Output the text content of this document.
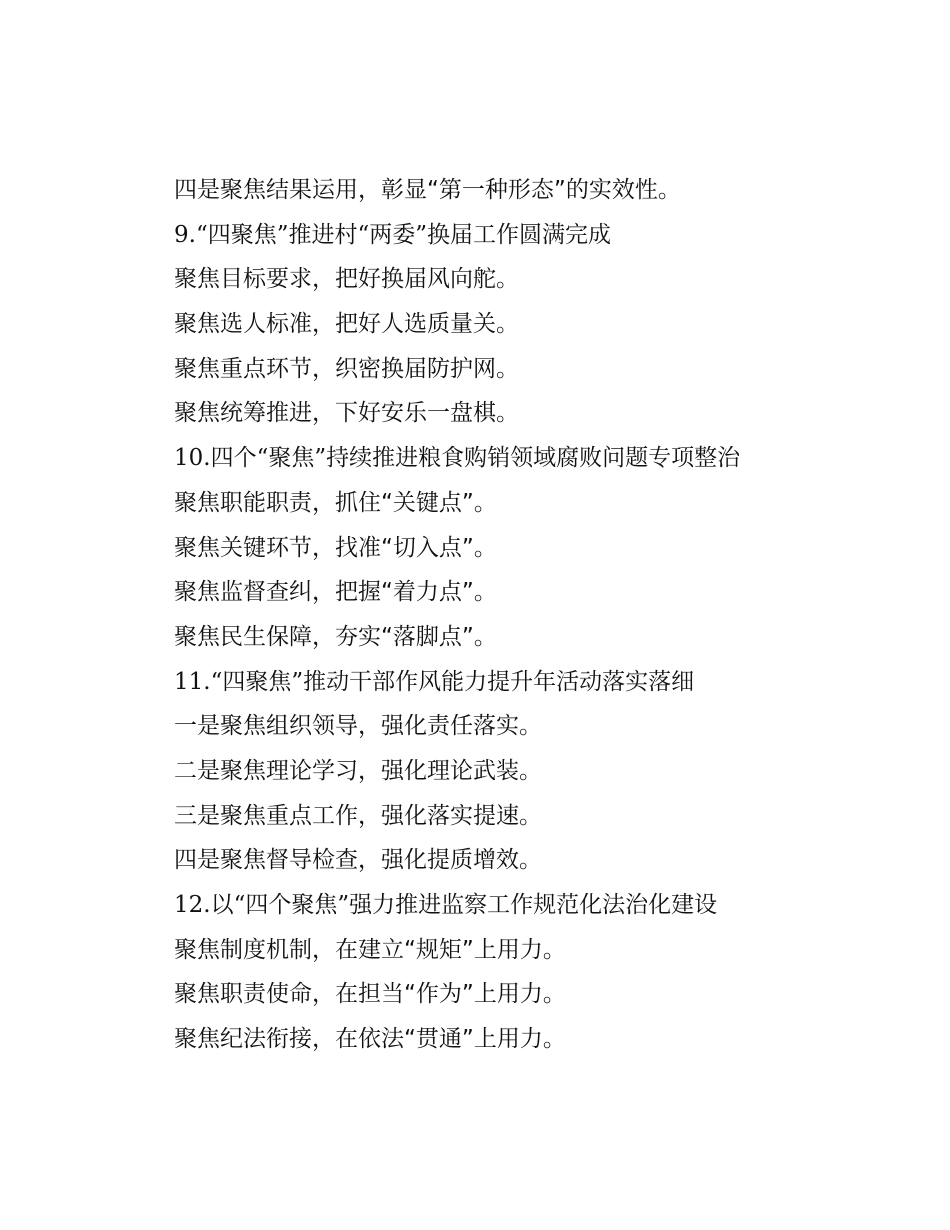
四是聚焦结果运用，彰显“第一种形态”的实效性。
9.“四聚焦”推进村“两委”换届工作圆满完成
聚焦目标要求，把好换届风向舵。
聚焦选人标准，把好人选质量关。
聚焦重点环节，织密换届防护网。
聚焦统筹推进，下好安乐一盘棋。
10.四个“聚焦”持续推进粮食购销领域腐败问题专项整治
聚焦职能职责，抓住“关键点”。
聚焦关键环节，找准“切入点”。
聚焦监督查纠，把握“着力点”。
聚焦民生保障，夯实“落脚点”。
11.“四聚焦”推动干部作风能力提升年活动落实落细
一是聚焦组织领导，强化责任落实。
二是聚焦理论学习，强化理论武装。
三是聚焦重点工作，强化落实提速。
四是聚焦督导检查，强化提质增效。
12.以“四个聚焦”强力推进监察工作规范化法治化建设
聚焦制度机制，在建立“规矩”上用力。
聚焦职责使命，在担当“作为”上用力。
聚焦纪法衔接，在依法“贯通”上用力。
